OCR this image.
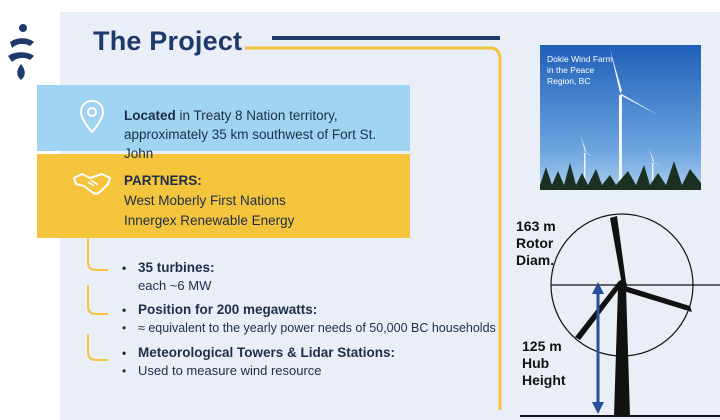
The Project
Located in Treaty 8 Nation territory,
approximately 35 km southwest of Fort St. John
PARTNERS:
West Moberly First Nations
Innergex Renewable Energy
• 35 turbines:
each ~6 MW
• Position for 200 megawatts:
• ≈ equivalent to the yearly power needs of 50,000 BC households
• Meteorological Towers & Lidar Stations:
• Used to measure wind resource
Dokie Wind Farm
in the Peace
Region, BC
163 m
Rotor
Diam.
125 m
Hub
Height
